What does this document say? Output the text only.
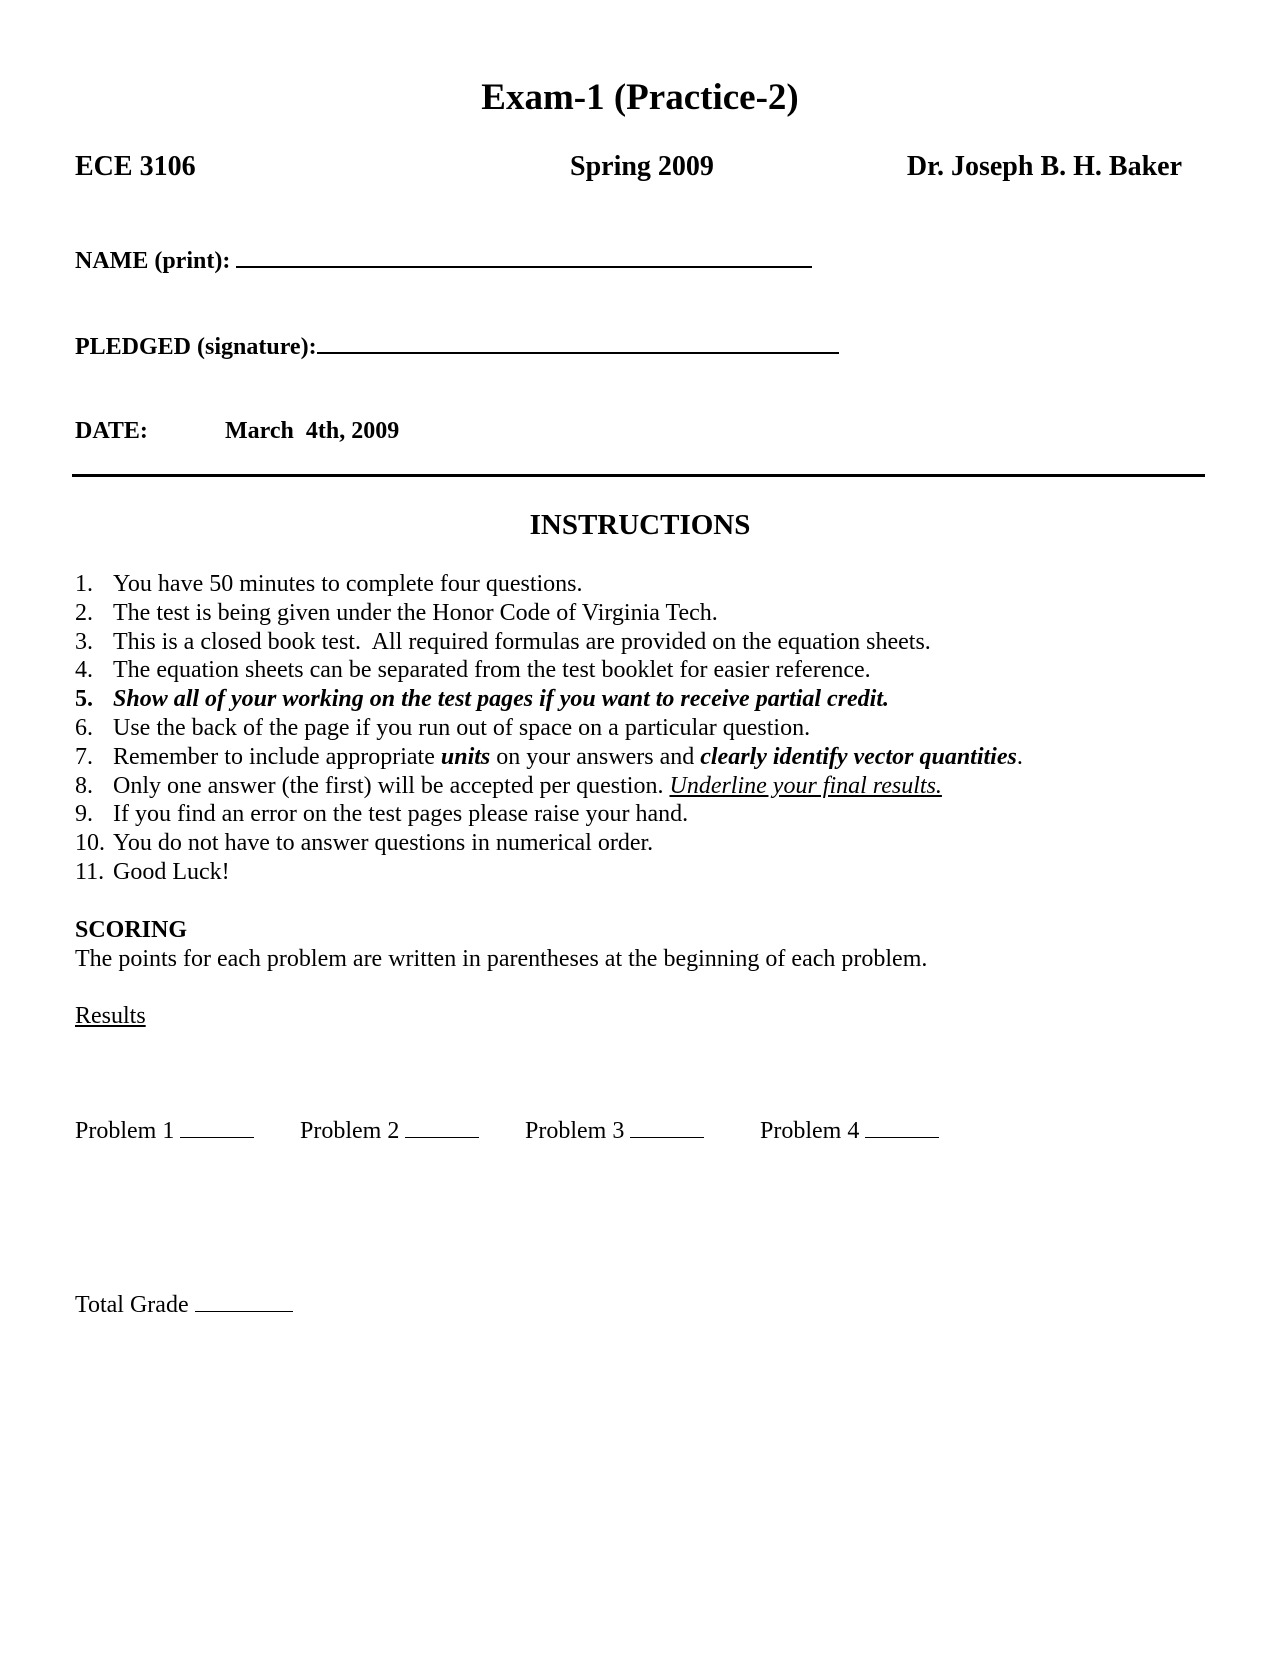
Exam-1 (Practice-2)
ECE 3106	Spring 2009	Dr. Joseph B. H. Baker
NAME (print):
PLEDGED (signature):
DATE:	March  4th, 2009
INSTRUCTIONS
1. You have 50 minutes to complete four questions.
2. The test is being given under the Honor Code of Virginia Tech.
3. This is a closed book test.  All required formulas are provided on the equation sheets.
4. The equation sheets can be separated from the test booklet for easier reference.
5. Show all of your working on the test pages if you want to receive partial credit.
6. Use the back of the page if you run out of space on a particular question.
7. Remember to include appropriate units on your answers and clearly identify vector quantities.
8. Only one answer (the first) will be accepted per question. Underline your final results.
9. If you find an error on the test pages please raise your hand.
10. You do not have to answer questions in numerical order.
11. Good Luck!
SCORING
The points for each problem are written in parentheses at the beginning of each problem.
Results
Problem 1	Problem 2	Problem 3	Problem 4
Total Grade
